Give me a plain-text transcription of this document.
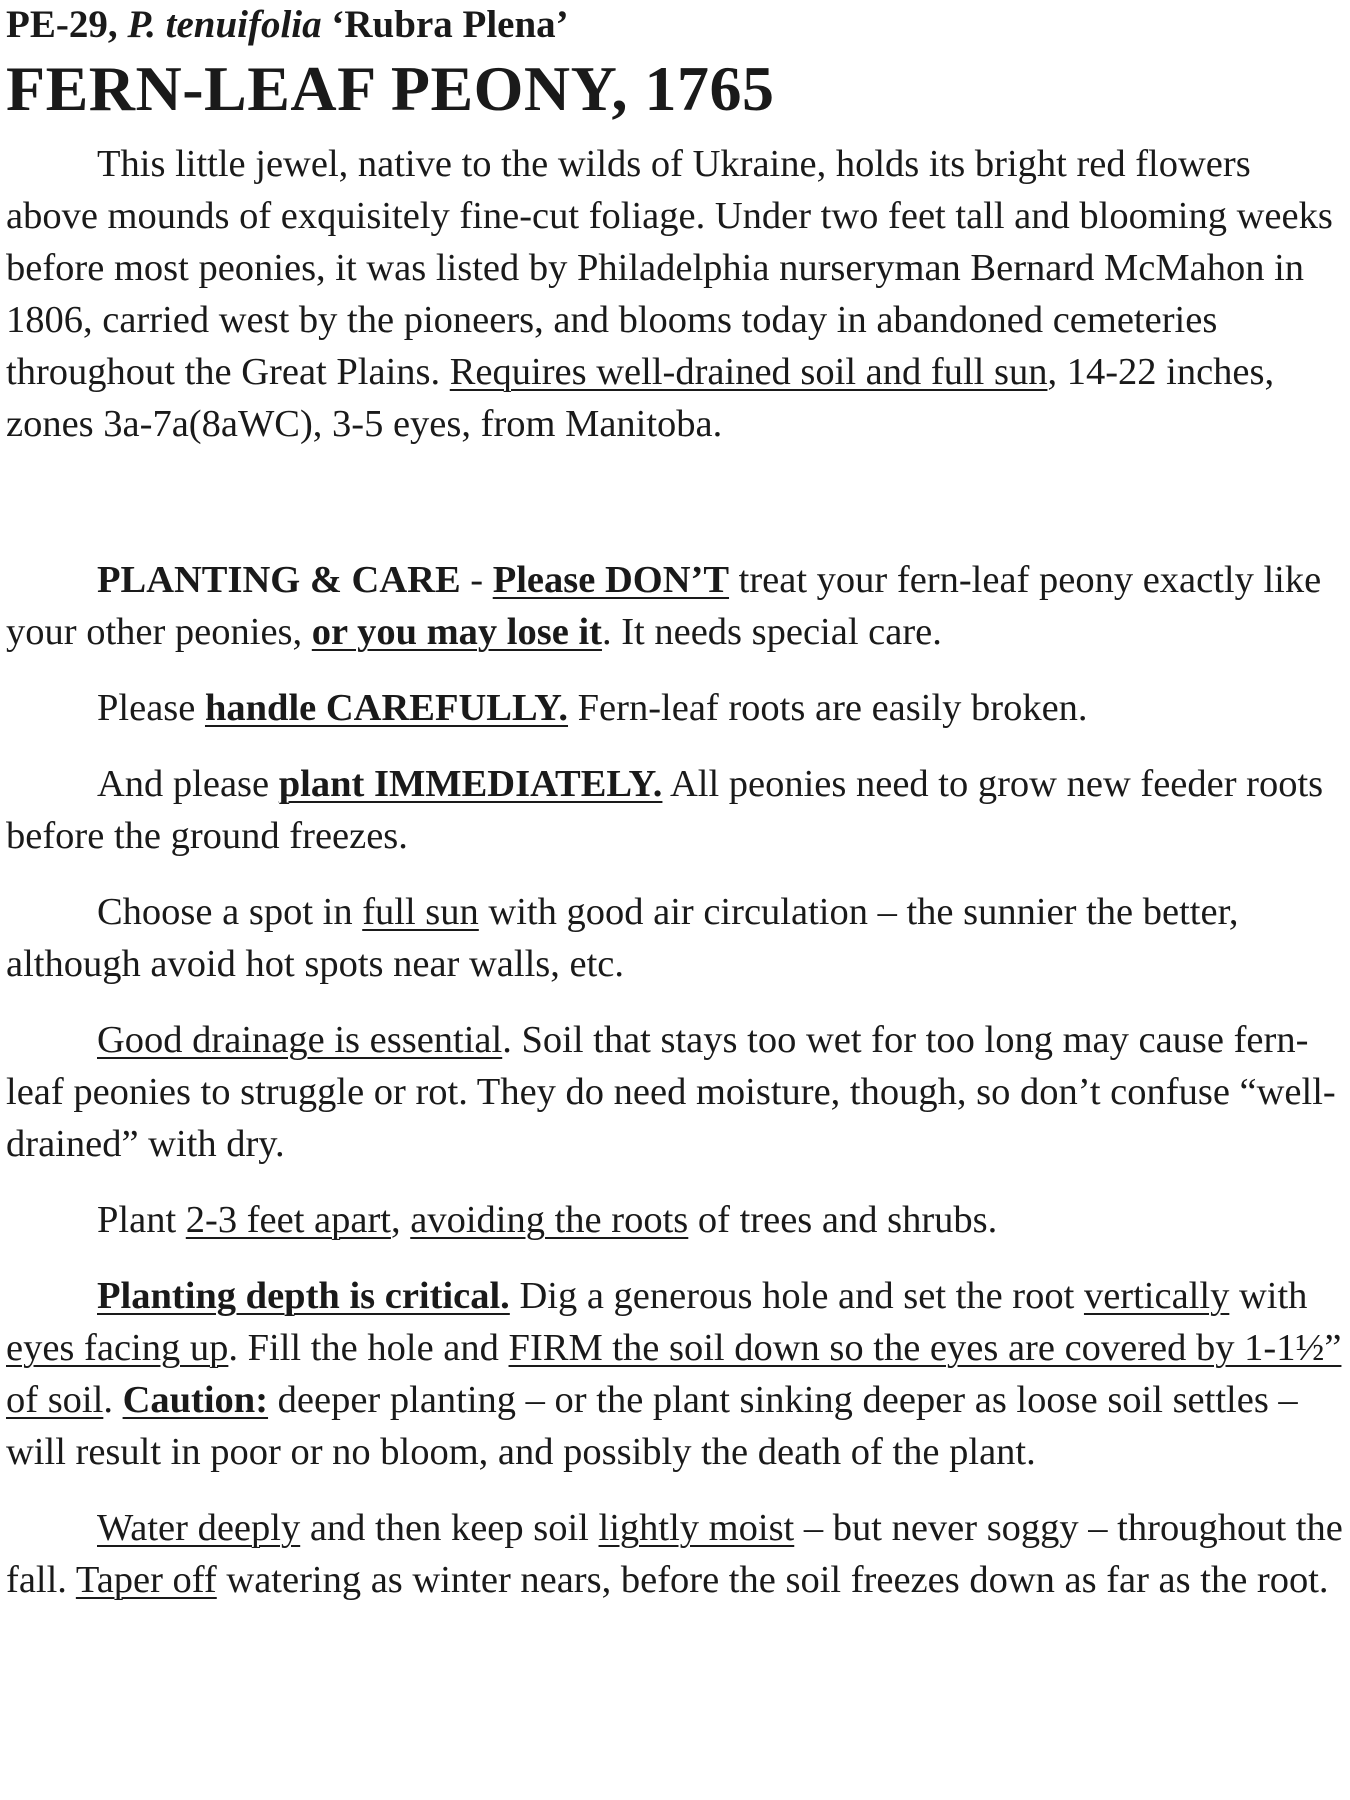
PE-29, P. tenuifolia ‘Rubra Plena’
FERN-LEAF PEONY, 1765

This little jewel, native to the wilds of Ukraine, holds its bright red flowers above mounds of exquisitely fine-cut foliage. Under two feet tall and blooming weeks before most peonies, it was listed by Philadelphia nurseryman Bernard McMahon in 1806, carried west by the pioneers, and blooms today in abandoned cemeteries throughout the Great Plains. Requires well-drained soil and full sun, 14-22 inches, zones 3a-7a(8aWC), 3-5 eyes, from Manitoba.

PLANTING & CARE - Please DON’T treat your fern-leaf peony exactly like your other peonies, or you may lose it. It needs special care.

Please handle CAREFULLY. Fern-leaf roots are easily broken.

And please plant IMMEDIATELY. All peonies need to grow new feeder roots before the ground freezes.

Choose a spot in full sun with good air circulation – the sunnier the better, although avoid hot spots near walls, etc.

Good drainage is essential. Soil that stays too wet for too long may cause fern-leaf peonies to struggle or rot. They do need moisture, though, so don’t confuse “well-drained” with dry.

Plant 2-3 feet apart, avoiding the roots of trees and shrubs.

Planting depth is critical. Dig a generous hole and set the root vertically with eyes facing up. Fill the hole and FIRM the soil down so the eyes are covered by 1-1½” of soil. Caution: deeper planting – or the plant sinking deeper as loose soil settles – will result in poor or no bloom, and possibly the death of the plant.

Water deeply and then keep soil lightly moist – but never soggy – throughout the fall. Taper off watering as winter nears, before the soil freezes down as far as the root.
